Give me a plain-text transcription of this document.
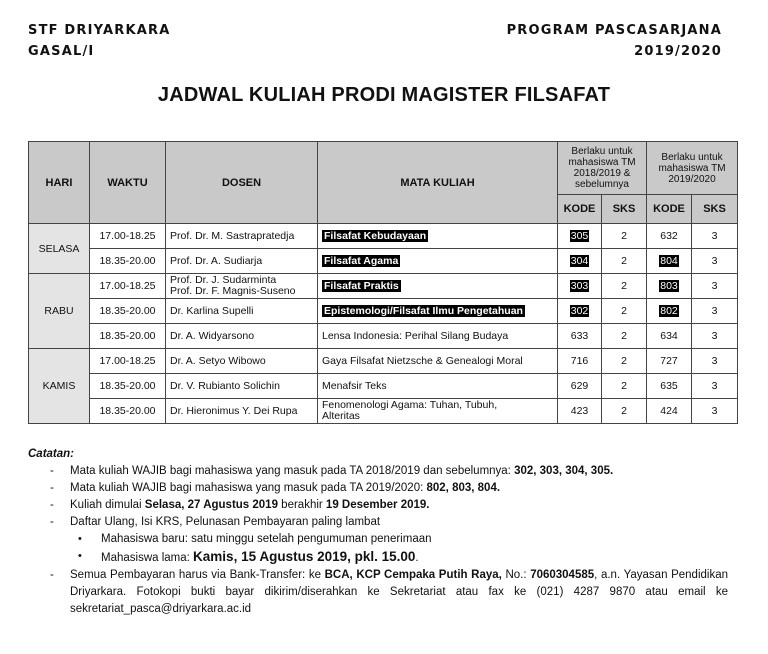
STF DRIYARKARA
GASAL/I
PROGRAM PASCASARJANA
2019/2020
JADWAL KULIAH PRODI MAGISTER FILSAFAT
HARI	WAKTU	DOSEN	MATA KULIAH	Berlaku untuk mahasiswa TM 2018/2019 & sebelumnya		Berlaku untuk mahasiswa TM 2019/2020	
				KODE	SKS	KODE	SKS
SELASA	17.00-18.25	Prof. Dr. M. Sastrapratedja	Filsafat Kebudayaan	305	2	632	3
	18.35-20.00	Prof. Dr. A. Sudiarja	Filsafat Agama	304	2	804	3
RABU	17.00-18.25	Prof. Dr. J. Sudarminta
Prof. Dr. F. Magnis-Suseno	Filsafat Praktis	303	2	803	3
	18.35-20.00	Dr. Karlina Supelli	Epistemologi/Filsafat Ilmu Pengetahuan	302	2	802	3
	18.35-20.00	Dr. A. Widyarsono	Lensa Indonesia: Perihal Silang Budaya	633	2	634	3
KAMIS	17.00-18.25	Dr. A. Setyo Wibowo	Gaya Filsafat Nietzsche & Genealogi Moral	716	2	727	3
	18.35-20.00	Dr. V. Rubianto Solichin	Menafsir Teks	629	2	635	3
	18.35-20.00	Dr. Hieronimus Y. Dei Rupa	Fenomenologi Agama: Tuhan, Tubuh,
Alteritas	423	2	424	3
Catatan:
- Mata kuliah WAJIB bagi mahasiswa yang masuk pada TA 2018/2019 dan sebelumnya: 302, 303, 304, 305.
- Mata kuliah WAJIB bagi mahasiswa yang masuk pada TA 2019/2020: 802, 803, 804.
- Kuliah dimulai Selasa, 27 Agustus 2019 berakhir 19 Desember 2019.
- Daftar Ulang, Isi KRS, Pelunasan Pembayaran paling lambat
• Mahasiswa baru: satu minggu setelah pengumuman penerimaan
• Mahasiswa lama: Kamis, 15 Agustus 2019, pkl. 15.00.
- Semua Pembayaran harus via Bank-Transfer: ke BCA, KCP Cempaka Putih Raya, No.: 7060304585, a.n. Yayasan Pendidikan Driyarkara. Fotokopi bukti bayar dikirim/diserahkan ke Sekretariat atau fax ke (021) 4287 9870 atau email ke sekretariat_pasca@driyarkara.ac.id
